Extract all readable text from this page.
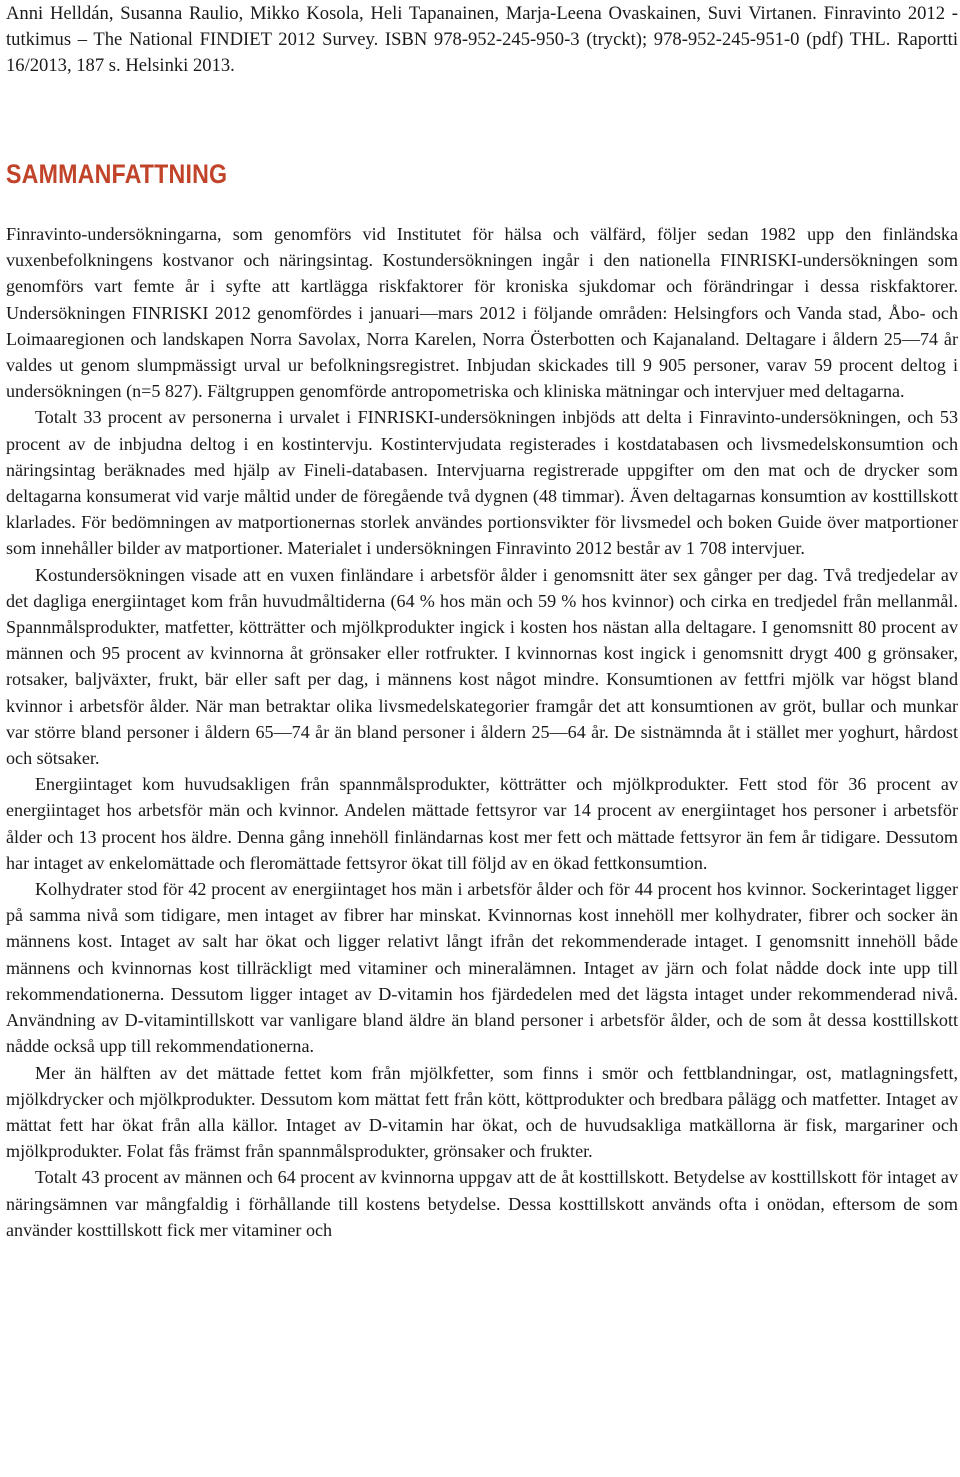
Anni Helldán, Susanna Raulio, Mikko Kosola, Heli Tapanainen, Marja-Leena Ovaskainen, Suvi Virtanen. Finravinto 2012 -tutkimus – The National FINDIET 2012 Survey. ISBN 978-952-245-950-3 (tryckt); 978-952-245-951-0 (pdf) THL. Raportti 16/2013, 187 s. Helsinki 2013.

SAMMANFATTNING

Finravinto-undersökningarna, som genomförs vid Institutet för hälsa och välfärd, följer sedan 1982 upp den finländska vuxenbefolkningens kostvanor och näringsintag. Kostundersökningen ingår i den nationella FINRISKI-undersökningen som genomförs vart femte år i syfte att kartlägga riskfaktorer för kroniska sjukdomar och förändringar i dessa riskfaktorer. Undersökningen FINRISKI 2012 genomfördes i januari—mars 2012 i följande områden: Helsingfors och Vanda stad, Åbo- och Loimaaregionen och landskapen Norra Savolax, Norra Karelen, Norra Österbotten och Kajanaland. Deltagare i åldern 25—74 år valdes ut genom slumpmässigt urval ur befolkningsregistret. Inbjudan skickades till 9 905 personer, varav 59 procent deltog i undersökningen (n=5 827). Fältgruppen genomförde antropometriska och kliniska mätningar och intervjuer med deltagarna.

Totalt 33 procent av personerna i urvalet i FINRISKI-undersökningen inbjöds att delta i Finravinto-undersökningen, och 53 procent av de inbjudna deltog i en kostintervju. Kostintervjudata registerades i kostdatabasen och livsmedelskonsumtion och näringsintag beräknades med hjälp av Fineli-databasen. Intervjuarna registrerade uppgifter om den mat och de drycker som deltagarna konsumerat vid varje måltid under de föregående två dygnen (48 timmar). Även deltagarnas konsumtion av kosttillskott klarlades. För bedömningen av matportionernas storlek användes portionsvikter för livsmedel och boken Guide över matportioner som innehåller bilder av matportioner. Materialet i undersökningen Finravinto 2012 består av 1 708 intervjuer.

Kostundersökningen visade att en vuxen finländare i arbetsför ålder i genomsnitt äter sex gånger per dag. Två tredjedelar av det dagliga energiintaget kom från huvudmåltiderna (64 % hos män och 59 % hos kvinnor) och cirka en tredjedel från mellanmål. Spannmålsprodukter, matfetter, kötträtter och mjölkprodukter ingick i kosten hos nästan alla deltagare. I genomsnitt 80 procent av männen och 95 procent av kvinnorna åt grönsaker eller rotfrukter. I kvinnornas kost ingick i genomsnitt drygt 400 g grönsaker, rotsaker, baljväxter, frukt, bär eller saft per dag, i männens kost något mindre. Konsumtionen av fettfri mjölk var högst bland kvinnor i arbetsför ålder. När man betraktar olika livsmedelskategorier framgår det att konsumtionen av gröt, bullar och munkar var större bland personer i åldern 65—74 år än bland personer i åldern 25—64 år. De sistnämnda åt i stället mer yoghurt, hårdost och sötsaker.

Energiintaget kom huvudsakligen från spannmålsprodukter, kötträtter och mjölkprodukter. Fett stod för 36 procent av energiintaget hos arbetsför män och kvinnor. Andelen mättade fettsyror var 14 procent av energiintaget hos personer i arbetsför ålder och 13 procent hos äldre. Denna gång innehöll finländarnas kost mer fett och mättade fettsyror än fem år tidigare. Dessutom har intaget av enkelomättade och fleromättade fettsyror ökat till följd av en ökad fettkonsumtion.

Kolhydrater stod för 42 procent av energiintaget hos män i arbetsför ålder och för 44 procent hos kvinnor. Sockerintaget ligger på samma nivå som tidigare, men intaget av fibrer har minskat. Kvinnornas kost innehöll mer kolhydrater, fibrer och socker än männens kost. Intaget av salt har ökat och ligger relativt långt ifrån det rekommenderade intaget. I genomsnitt innehöll både männens och kvinnornas kost tillräckligt med vitaminer och mineralämnen. Intaget av järn och folat nådde dock inte upp till rekommendationerna. Dessutom ligger intaget av D-vitamin hos fjärdedelen med det lägsta intaget under rekommenderad nivå. Användning av D-vitamintillskott var vanligare bland äldre än bland personer i arbetsför ålder, och de som åt dessa kosttillskott nådde också upp till rekommendationerna.

Mer än hälften av det mättade fettet kom från mjölkfetter, som finns i smör och fettblandningar, ost, matlagningsfett, mjölkdrycker och mjölkprodukter. Dessutom kom mättat fett från kött, köttprodukter och bredbara pålägg och matfetter. Intaget av mättat fett har ökat från alla källor. Intaget av D-vitamin har ökat, och de huvudsakliga matkällorna är fisk, margariner och mjölkprodukter. Folat fås främst från spannmålsprodukter, grönsaker och frukter.

Totalt 43 procent av männen och 64 procent av kvinnorna uppgav att de åt kosttillskott. Betydelse av kosttillskott för intaget av näringsämnen var mångfaldig i förhållande till kostens betydelse. Dessa kosttillskott används ofta i onödan, eftersom de som använder kosttillskott fick mer vitaminer och
